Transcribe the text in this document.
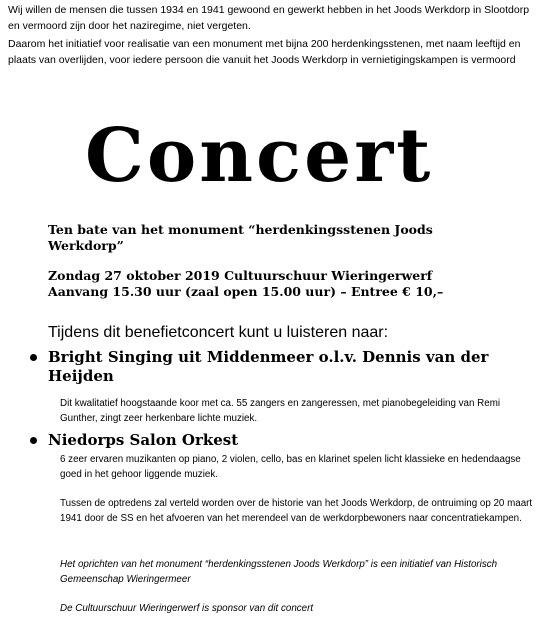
Wij willen de mensen die tussen 1934 en 1941 gewoond en gewerkt hebben in het Joods Werkdorp in Slootdorp en vermoord zijn door het naziregime, niet vergeten.

Daarom het initiatief voor realisatie van een monument met bijna 200 herdenkingsstenen, met naam leeftijd en plaats van overlijden, voor iedere persoon die vanuit het Joods Werkdorp in vernietigingskampen is vermoord

Concert

Ten bate van het monument “herdenkingsstenen Joods Werkdorp”

Zondag 27 oktober 2019 Cultuurschuur Wieringerwerf

Aanvang 15.30 uur (zaal open 15.00 uur) – Entree € 10,–

Tijdens dit benefietconcert kunt u luisteren naar:

Bright Singing uit Middenmeer o.l.v. Dennis van der Heijden

Dit kwalitatief hoogstaande koor met ca. 55 zangers en zangeressen, met pianobegeleiding van Remi Gunther, zingt zeer herkenbare lichte muziek.

Niedorps Salon Orkest

6 zeer ervaren muzikanten op piano, 2 violen, cello, bas en klarinet spelen licht klassieke en hedendaagse goed in het gehoor liggende muziek.

Tussen de optredens zal verteld worden over de historie van het Joods Werkdorp, de ontruiming op 20 maart 1941 door de SS en het afvoeren van het merendeel van de werkdorpbewoners naar concentratiekampen.

Het oprichten van het monument “herdenkingsstenen Joods Werkdorp” is een initiatief van Historisch Gemeenschap Wieringermeer

De Cultuurschuur Wieringerwerf is sponsor van dit concert
